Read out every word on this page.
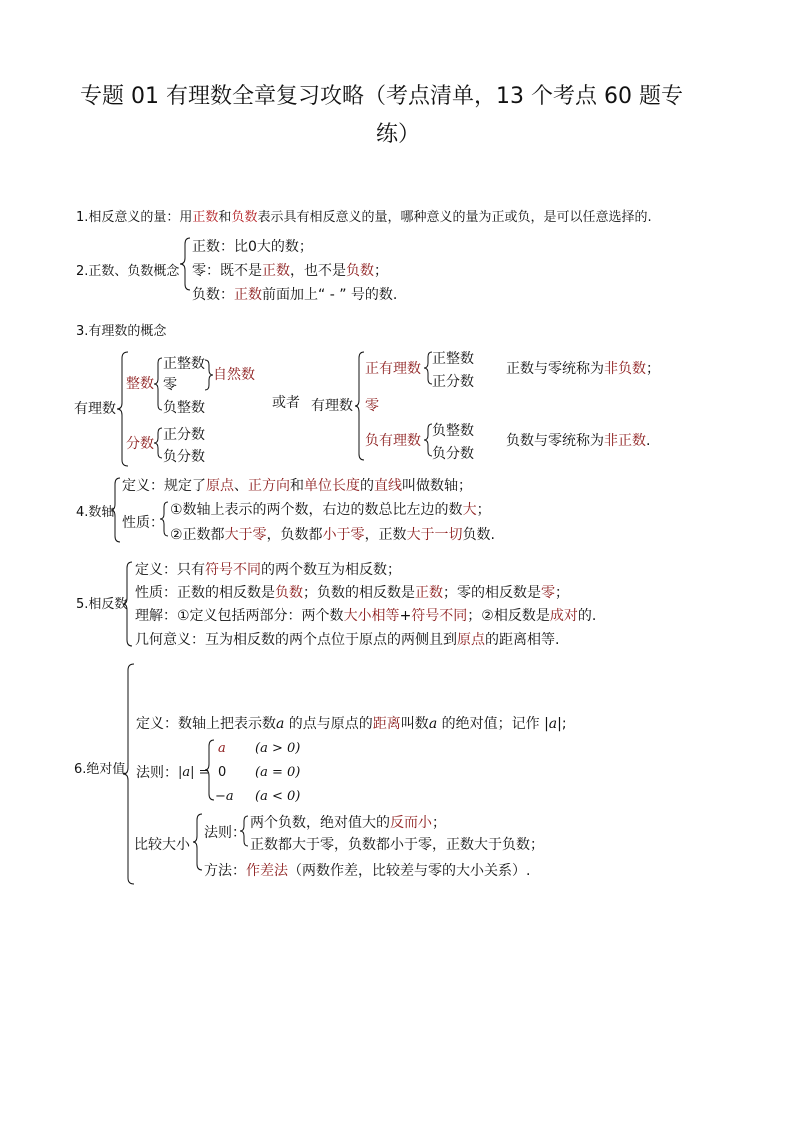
专题 01 有理数全章复习攻略（考点清单，13 个考点 60 题专
练）
1.相反意义的量：用正数和负数表示具有相反意义的量，哪种意义的量为正或负，是可以任意选择的.
2.正数、负数概念
正数：比0大的数；
零：既不是正数，也不是负数；
负数：正数前面加上“ - ” 号的数.
3.有理数的概念
有理数
整数
正整数
零
负整数
自然数
分数
正分数
负分数
或者 有理数
正有理数
正整数
正分数
零
负有理数
负整数
负分数
正数与零统称为非负数；
负数与零统称为非正数.
4.数轴
定义：规定了原点、正方向和单位长度的直线叫做数轴；
性质：
①数轴上表示的两个数，右边的数总比左边的数大；
②正数都大于零，负数都小于零，正数大于一切负数.
5.相反数
定义：只有符号不同的两个数互为相反数；
性质：正数的相反数是负数；负数的相反数是正数；零的相反数是零；
理解：①定义包括两部分：两个数大小相等+符号不同；②相反数是成对的.
几何意义：互为相反数的两个点位于原点的两侧且到原点的距离相等.
6.绝对值
定义：数轴上把表示数a 的点与原点的距离叫数a 的绝对值；记作 |a|;
法则： |a| =
a (a > 0)
0 (a = 0)
−a (a < 0)
比较大小
法则：
两个负数，绝对值大的反而小；
正数都大于零，负数都小于零，正数大于负数；
方法：作差法（两数作差，比较差与零的大小关系）.
